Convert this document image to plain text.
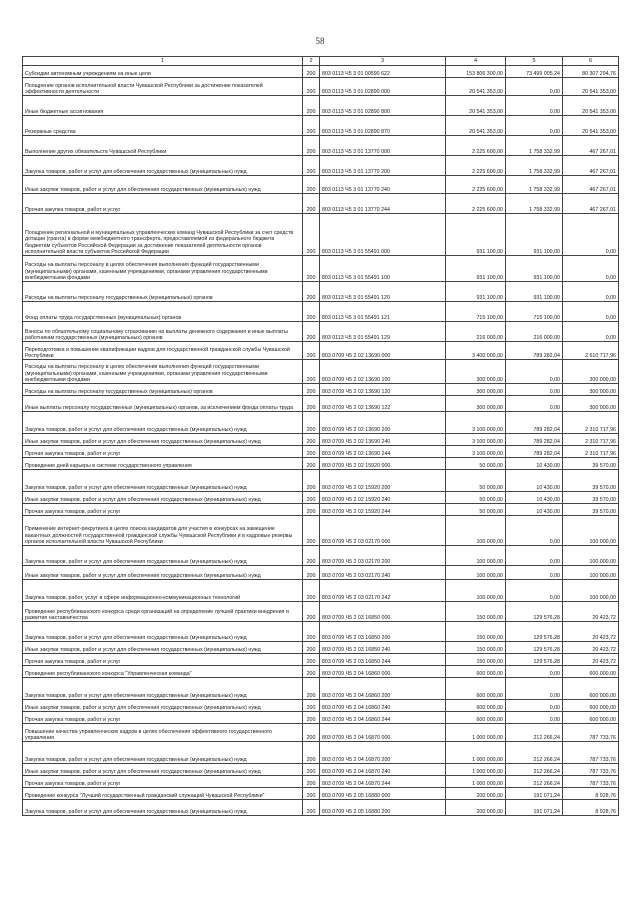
58
1	2	3	4	5	6
Субсидии автономным учреждениям на иные цели	200	803 0113 Ч5 3 01 00590 622	153 806 300,00	73 499 005,24	80 307 294,76
Поощрение органов исполнительной власти Чувашской Республики за достижение показателей эффективности деятельности	200	803 0113 Ч5 3 01 02890 000	20 541 353,00	0,00	20 541 353,00
Иные бюджетные ассигнования	200	803 0113 Ч5 3 01 02890 800	20 541 353,00	0,00	20 541 353,00
Резервные средства	200	803 0113 Ч5 3 01 02890 870	20 541 353,00	0,00	20 541 353,00
Выполнение других обязательств Чувашской Республики	200	803 0113 Ч5 3 01 13770 000	2 225 600,00	1 758 332,99	467 267,01
Закупка товаров, работ и услуг для обеспечения государственных (муниципальных) нужд	200	803 0113 Ч5 3 01 13770 200	2 225 600,00	1 758 332,99	467 267,01
Иные закупки товаров, работ и услуг для обеспечения государственных (муниципальных) нужд	200	803 0113 Ч5 3 01 13770 240	2 225 600,00	1 758 332,99	467 267,01
Прочая закупка товаров, работ и услуг	200	803 0113 Ч5 3 01 13770 244	2 225 600,00	1 758 332,99	467 267,01
Поощрение региональной и муниципальных управленческих команд Чувашской Республики за счет средств дотации (гранта) в форме межбюджетного трансферта, предоставляемой из федерального бюджета бюджетам субъектов Российской Федерации за достижение показателей деятельности органов исполнительной власти субъектов Российской Федерации	200	803 0113 Ч5 3 01 55491 000	931 100,00	931 100,00	0,00
Расходы на выплаты персоналу в целях обеспечения выполнения функций государственными (муниципальными) органами, казенными учреждениями, органами управления государственными внебюджетными фондами	200	803 0113 Ч5 3 01 55491 100	931 100,00	931 100,00	0,00
Расходы на выплаты персоналу государственных (муниципальных) органов	200	803 0113 Ч5 3 01 55491 120	931 100,00	931 100,00	0,00
Фонд оплаты труда государственных (муниципальных) органов	200	803 0113 Ч5 3 01 55491 121	715 100,00	715 100,00	0,00
Взносы по обязательному социальному страхованию на выплаты денежного содержания и иные выплаты работникам государственных (муниципальных) органов	200	803 0113 Ч5 3 01 55491 129	216 000,00	216 000,00	0,00
Переподготовка и повышение квалификации кадров для государственной гражданской службы Чувашской Республики	200	803 0709 Ч5 2 02 13690 000	3 400 000,00	789 282,04	2 610 717,96
Расходы на выплаты персоналу в целях обеспечения выполнения функций государственными (муниципальными) органами, казенными учреждениями, органами управления государственными внебюджетными фондами	200	803 0709 Ч5 2 02 13690 100	300 000,00	0,00	300 000,00
Расходы на выплаты персоналу государственных (муниципальных) органов	200	803 0709 Ч5 2 02 13690 120	300 000,00	0,00	300 000,00
Иные выплаты персоналу государственных (муниципальных) органов, за исключением фонда оплаты труда	200	803 0709 Ч5 2 02 13690 122	300 000,00	0,00	300 000,00
Закупка товаров, работ и услуг для обеспечения государственных (муниципальных) нужд	200	803 0709 Ч5 2 02 13690 200	3 100 000,00	789 282,04	2 310 717,96
Иные закупки товаров, работ и услуг для обеспечения государственных (муниципальных) нужд	200	803 0709 Ч5 2 02 13690 240	3 100 000,00	789 282,04	2 310 717,96
Прочая закупка товаров, работ и услуг	200	803 0709 Ч5 2 02 13690 244	3 100 000,00	789 282,04	2 310 717,96
Проведение дней карьеры в системе государственного управления	200	803 0709 Ч5 2 02 15920 000	50 000,00	10 430,00	39 570,00
Закупка товаров, работ и услуг для обеспечения государственных (муниципальных) нужд	200	803 0709 Ч5 2 02 15920 200	50 000,00	10 430,00	39 570,00
Иные закупки товаров, работ и услуг для обеспечения государственных (муниципальных) нужд	200	803 0709 Ч5 2 02 15920 240	50 000,00	10 430,00	39 570,00
Прочая закупка товаров, работ и услуг	200	803 0709 Ч5 2 02 15920 244	50 000,00	10 430,00	39 570,00
Применение интернет-рекрутинга в целях поиска кандидатов для участия в конкурсах на замещение вакантных должностей государственной гражданской службы Чувашской Республики и в кадровые резервы органов исполнительной власти Чувашской Республики	200	803 0709 Ч5 2 03 02170 000	100 000,00	0,00	100 000,00
Закупка товаров, работ и услуг для обеспечения государственных (муниципальных) нужд	200	803 0709 Ч5 2 03 02170 200	100 000,00	0,00	100 000,00
Иные закупки товаров, работ и услуг для обеспечения государственных (муниципальных) нужд	200	803 0709 Ч5 2 03 02170 240	100 000,00	0,00	100 000,00
Закупка товаров, работ, услуг в сфере информационно-коммуникационных технологий	200	803 0709 Ч5 2 03 02170 242	100 000,00	0,00	100 000,00
Проведение республиканского конкурса среди организаций на определение лучшей практики внедрения и развития наставничества	200	803 0709 Ч5 2 03 16850 000	150 000,00	129 576,28	20 423,72
Закупка товаров, работ и услуг для обеспечения государственных (муниципальных) нужд	200	803 0709 Ч5 2 03 16850 200	150 000,00	129 576,28	20 423,72
Иные закупки товаров, работ и услуг для обеспечения государственных (муниципальных) нужд	200	803 0709 Ч5 2 03 16850 240	150 000,00	129 576,28	20 423,72
Прочая закупка товаров, работ и услуг	200	803 0709 Ч5 2 03 16850 244	150 000,00	129 576,28	20 423,72
Проведение республиканского конкурса "Управленческая команда"	200	803 0709 Ч5 2 04 16860 000	600 000,00	0,00	600 000,00
Закупка товаров, работ и услуг для обеспечения государственных (муниципальных) нужд	200	803 0709 Ч5 2 04 16860 200	600 000,00	0,00	600 000,00
Иные закупки товаров, работ и услуг для обеспечения государственных (муниципальных) нужд	200	803 0709 Ч5 2 04 16860 240	600 000,00	0,00	600 000,00
Прочая закупка товаров, работ и услуг	200	803 0709 Ч5 2 04 16860 244	600 000,00	0,00	600 000,00
Повышение качества управленческих кадров в целях обеспечения эффективного государственного управления	200	803 0709 Ч5 2 04 16870 000	1 000 000,00	212 266,24	787 733,76
Закупка товаров, работ и услуг для обеспечения государственных (муниципальных) нужд	200	803 0709 Ч5 2 04 16870 200	1 000 000,00	212 266,24	787 733,76
Иные закупки товаров, работ и услуг для обеспечения государственных (муниципальных) нужд	200	803 0709 Ч5 2 04 16870 240	1 000 000,00	212 266,24	787 733,76
Прочая закупка товаров, работ и услуг	200	803 0709 Ч5 2 04 16870 244	1 000 000,00	212 266,24	787 733,76
Проведение конкурса "Лучший государственный гражданский служащий Чувашской Республики"	200	803 0709 Ч5 2 05 16880 000	200 000,00	191 071,24	8 928,76
Закупка товаров, работ и услуг для обеспечения государственных (муниципальных) нужд	200	803 0709 Ч5 2 05 16880 200	200 000,00	191 071,24	8 928,76
